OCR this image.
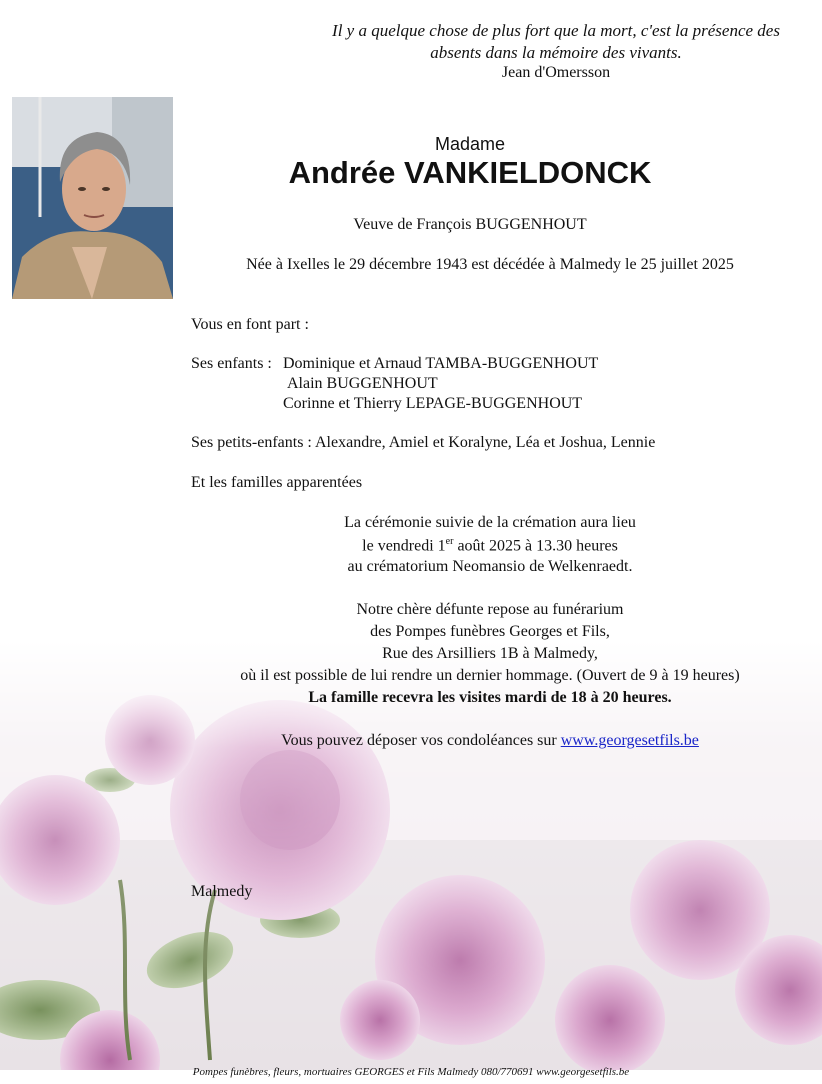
Il y a quelque chose de plus fort que la mort, c'est la présence des
absents dans la mémoire des vivants.
Jean d'Omersson
Madame
Andrée VANKIELDONCK
Veuve de François BUGGENHOUT
Née à Ixelles le 29 décembre 1943 est décédée à Malmedy le 25 juillet 2025
Vous en font part :
Ses enfants : Dominique et Arnaud TAMBA-BUGGENHOUT
Alain BUGGENHOUT
Corinne et Thierry LEPAGE-BUGGENHOUT
Ses petits-enfants : Alexandre, Amiel et Koralyne, Léa et Joshua, Lennie
Et les familles apparentées
La cérémonie suivie de la crémation aura lieu
le vendredi 1er août 2025 à 13.30 heures
au crématorium Neomansio de Welkenraedt.
Notre chère défunte repose au funérarium
des Pompes funèbres Georges et Fils,
Rue des Arsilliers 1B à Malmedy,
où il est possible de lui rendre un dernier hommage. (Ouvert de 9 à 19 heures)
La famille recevra les visites mardi de 18 à 20 heures.
Vous pouvez déposer vos condoléances sur www.georgesetfils.be
Malmedy
Pompes funèbres, fleurs, mortuaires GEORGES et Fils Malmedy 080/770691 www.georgesetfils.be
